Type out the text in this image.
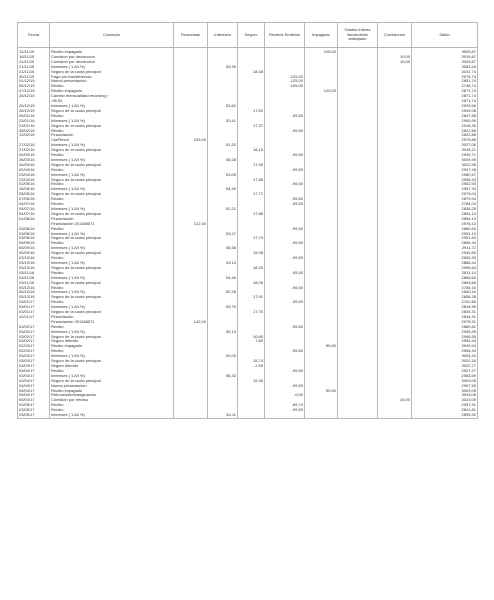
Fecha	Concepto	Financiado	Intereses	Seguro	Recibos Emitidos	Impagado	Gastos Interes Vencimiento anticipado	Comisiones	Saldo
12/11/15	Recibo impagado					106,00			3009,87
16/11/15	Comision por devolucion							10,00	3019,87
21/11/15	Comision por devolucion							10,00	3029,87
21/11/15	Intereses ( 1,84 %)		53,39						3083,26
21/11/15	Seguro de la cuota principal			18,48					3101,74
30/11/15	Pago por transferencia				-125,00				2976,74
01/12/15	Nueva presentación				-125,00				2851,74
05/12/15	Recibo				-105,00				2746,74
07/12/15	Recibo impagado					125,00			2871,74
26/12/15	Cambio mensualidad revolving r								2871,74
	-95,50								2871,74
26/12/15	Intereses ( 1,84 %)		53,82						2925,56
26/12/15	Seguro de la cuota principal			17,52					2943,08
05/01/16	Recibo				-95,50				2847,58
23/01/16	Intereses ( 1,84 %)		53,41						2900,99
23/01/16	Seguro de la cuota principal			17,37					2918,36
05/02/16	Recibo				-95,50				2822,86
12/02/16	Financiación								2822,86
	Cta/Revol	153,00							2975,86
27/02/16	Intereses ( 1,84 %)		51,20						3027,06
27/02/16	Seguro de la cuota principal			18,15					3045,21
02/03/16	Recibo				-95,50				2949,71
26/03/16	Intereses ( 1,84 %)		55,28						3004,99
26/03/16	Seguro de la cuota principal			17,99					3022,98
02/04/16	Recibo				-95,50				2927,48
23/04/16	Intereses ( 1,84 %)		53,09						2980,57
23/04/16	Seguro de la cuota principal			17,86					2998,43
02/05/16	Recibo				-95,50				2902,93
28/05/16	Intereses ( 1,84 %)		54,40						2957,33
28/05/16	Seguro de la cuota principal			17,71					2975,04
07/06/16	Recibo				-95,50				2879,54
04/07/16	Recibo				-95,50				2784,04
04/07/16	Intereses ( 1,84 %)		52,21						2836,25
04/07/16	Seguro de la cuota principal			17,88					2854,13
01/08/16	Financiación								2854,13
	Financiación 201368571	122,00							2976,13
03/08/16	Recibo				-95,50				2880,63
03/08/16	Intereses ( 1,84 %)		53,47						2934,10
03/08/16	Seguro de la cuota principal			17,74					2951,84
05/09/16	Recibo				-95,50				2856,34
05/09/16	Intereses ( 1,84 %)		55,38						2911,72
05/09/16	Seguro de la cuota principal			19,08					2930,80
03/10/16	Recibo				-95,50				2835,30
03/10/16	Intereses ( 1,84 %)		53,14						2888,44
03/10/16	Seguro de la cuota principal			18,20					2906,64
03/11/16	Recibo				-95,50				2811,14
03/11/16	Intereses ( 1,84 %)		54,46						2865,60
03/11/16	Seguro de la cuota principal			18,06					2883,66
05/12/16	Recibo				-95,50				2788,16
05/12/16	Intereses ( 1,84 %)		52,28						2840,44
05/12/16	Seguro de la cuota principal			17,91					2858,35
03/01/17	Recibo				-95,50				2762,85
03/01/17	Intereses ( 1,84 %)		53,70						2816,55
03/01/17	Seguro de la cuota principal			17,76					2834,31
11/01/17	Financiación								2834,31
	Financiación 201368571	142,00							2976,31
03/02/17	Recibo				-95,50				2880,81
03/02/17	Intereses ( 1,84 %)		55,14						2935,95
03/02/17	Seguro de la cuota principal			10,60					2946,55
03/02/17	Seguro diferido			7,89					2954,44
02/03/17	Recibo impagado					95,50			3049,94
02/03/17	Recibo				-95,50				2954,44
03/03/17	Intereses ( 1,84 %)		50,00						3004,44
03/03/17	Seguro de la cuota principal			15,74					3020,18
03/03/17	Seguro diferido			2,59					3022,77
03/04/17	Recibo				-95,50				2927,27
03/04/17	Intereses ( 1,84 %)		56,42						2983,69
03/04/17	Seguro de la cuota principal			19,36					3003,05
04/04/17	Nueva presentación				-95,50				2907,55
05/04/17	Recibo impagado					95,50			3003,05
05/04/17	Retrocesión/reasignación				-0,00				3003,05
05/04/17	Comisión por retraso							20,00	3023,05
03/05/17	Recibo				-85,74				2937,31
03/05/17	Recibo				-95,50				2841,81
03/05/17	Intereses ( 1,84 %)		54,11						2895,92
